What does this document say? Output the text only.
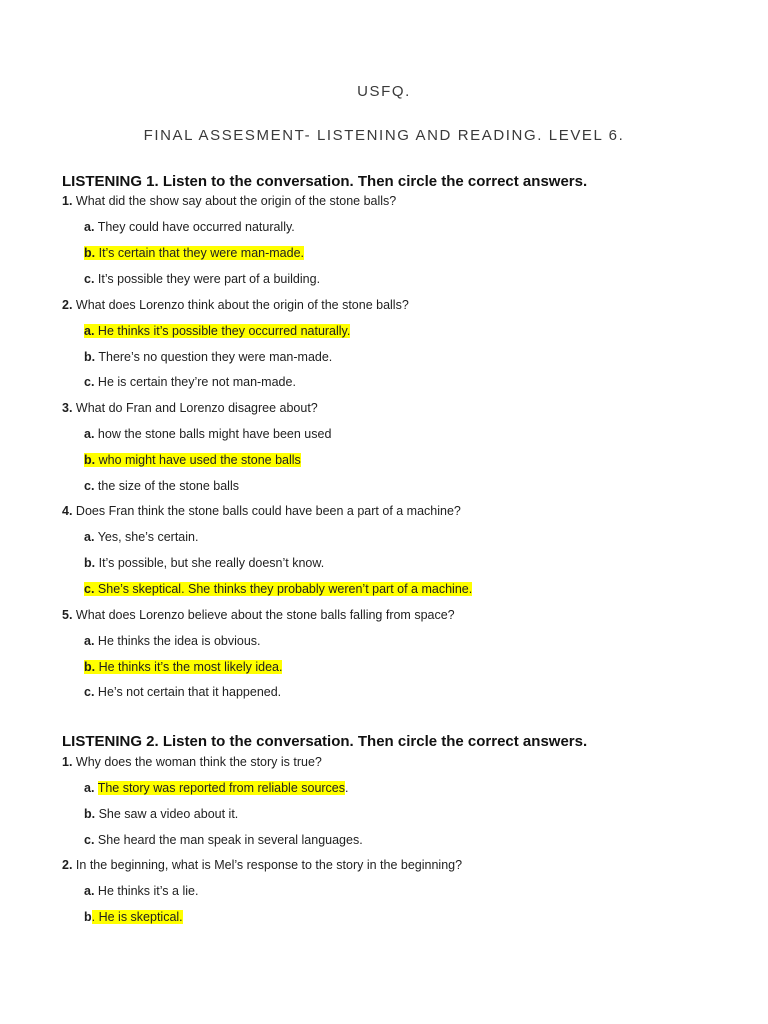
USFQ.
FINAL ASSESMENT- LISTENING AND READING. LEVEL 6.
LISTENING 1. Listen to the conversation. Then circle the correct answers.
1. What did the show say about the origin of the stone balls?
a. They could have occurred naturally.
b. It’s certain that they were man-made.
c. It’s possible they were part of a building.
2. What does Lorenzo think about the origin of the stone balls?
a. He thinks it’s possible they occurred naturally.
b. There’s no question they were man-made.
c. He is certain they’re not man-made.
3. What do Fran and Lorenzo disagree about?
a. how the stone balls might have been used
b. who might have used the stone balls
c. the size of the stone balls
4. Does Fran think the stone balls could have been a part of a machine?
a. Yes, she’s certain.
b. It’s possible, but she really doesn’t know.
c. She’s skeptical. She thinks they probably weren’t part of a machine.
5. What does Lorenzo believe about the stone balls falling from space?
a. He thinks the idea is obvious.
b. He thinks it’s the most likely idea.
c. He’s not certain that it happened.
LISTENING 2. Listen to the conversation. Then circle the correct answers.
1. Why does the woman think the story is true?
a. The story was reported from reliable sources.
b. She saw a video about it.
c. She heard the man speak in several languages.
2. In the beginning, what is Mel’s response to the story in the beginning?
a. He thinks it’s a lie.
b. He is skeptical.
